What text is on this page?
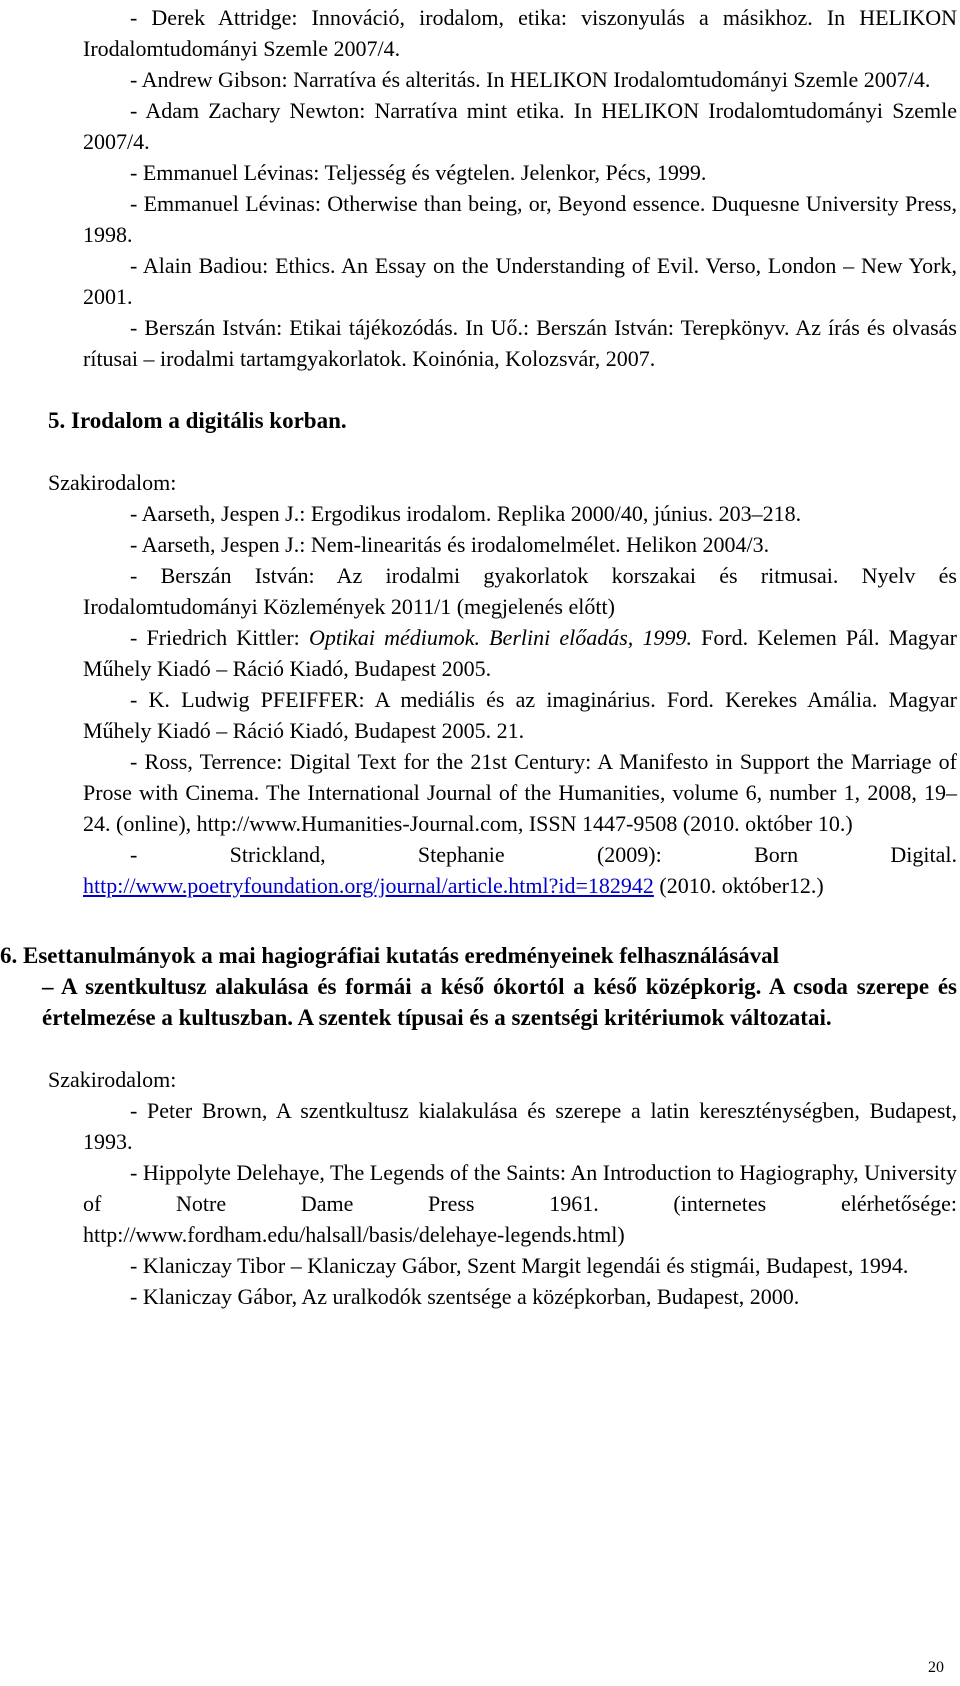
- Derek Attridge: Innováció, irodalom, etika: viszonyulás a másikhoz. In HELIKON Irodalomtudományi Szemle 2007/4.

- Andrew Gibson: Narratíva és alteritás. In HELIKON Irodalomtudományi Szemle 2007/4.

- Adam Zachary Newton: Narratíva mint etika. In HELIKON Irodalomtudományi Szemle 2007/4.

- Emmanuel Lévinas: Teljesség és végtelen. Jelenkor, Pécs, 1999.

- Emmanuel Lévinas: Otherwise than being, or, Beyond essence. Duquesne University Press, 1998.

- Alain Badiou: Ethics. An Essay on the Understanding of Evil. Verso, London – New York, 2001.

- Berszán István: Etikai tájékozódás. In Uő.: Berszán István: Terepkönyv. Az írás és olvasás rítusai – irodalmi tartamgyakorlatok. Koinónia, Kolozsvár, 2007.

5. Irodalom a digitális korban.

Szakirodalom:

- Aarseth, Jespen J.: Ergodikus irodalom. Replika 2000/40, június. 203–218.

- Aarseth, Jespen J.: Nem-linearitás és irodalomelmélet. Helikon 2004/3.

- Berszán István: Az irodalmi gyakorlatok korszakai és ritmusai. Nyelv és Irodalomtudományi Közlemények 2011/1 (megjelenés előtt)

- Friedrich Kittler: Optikai médiumok. Berlini előadás, 1999. Ford. Kelemen Pál. Magyar Műhely Kiadó – Ráció Kiadó, Budapest 2005.

- K. Ludwig PFEIFFER: A mediális és az imaginárius. Ford. Kerekes Amália. Magyar Műhely Kiadó – Ráció Kiadó, Budapest 2005. 21.

- Ross, Terrence: Digital Text for the 21st Century: A Manifesto in Support the Marriage of Prose with Cinema. The International Journal of the Humanities, volume 6, number 1, 2008, 19–24. (online), http://www.Humanities-Journal.com, ISSN 1447-9508 (2010. október 10.)

- Strickland, Stephanie (2009): Born Digital. http://www.poetryfoundation.org/journal/article.html?id=182942 (2010. október12.)

6. Esettanulmányok a mai hagiográfiai kutatás eredményeinek felhasználásával
– A szentkultusz alakulása és formái a késő ókortól a késő középkorig. A csoda szerepe és értelmezése a kultuszban. A szentek típusai és a szentségi kritériumok változatai.

Szakirodalom:

- Peter Brown, A szentkultusz kialakulása és szerepe a latin kereszténységben, Budapest, 1993.

- Hippolyte Delehaye, The Legends of the Saints: An Introduction to Hagiography, University of Notre Dame Press 1961. (internetes elérhetősége: http://www.fordham.edu/halsall/basis/delehaye-legends.html)

- Klaniczay Tibor – Klaniczay Gábor, Szent Margit legendái és stigmái, Budapest, 1994.

- Klaniczay Gábor, Az uralkodók szentsége a középkorban, Budapest, 2000.

20
